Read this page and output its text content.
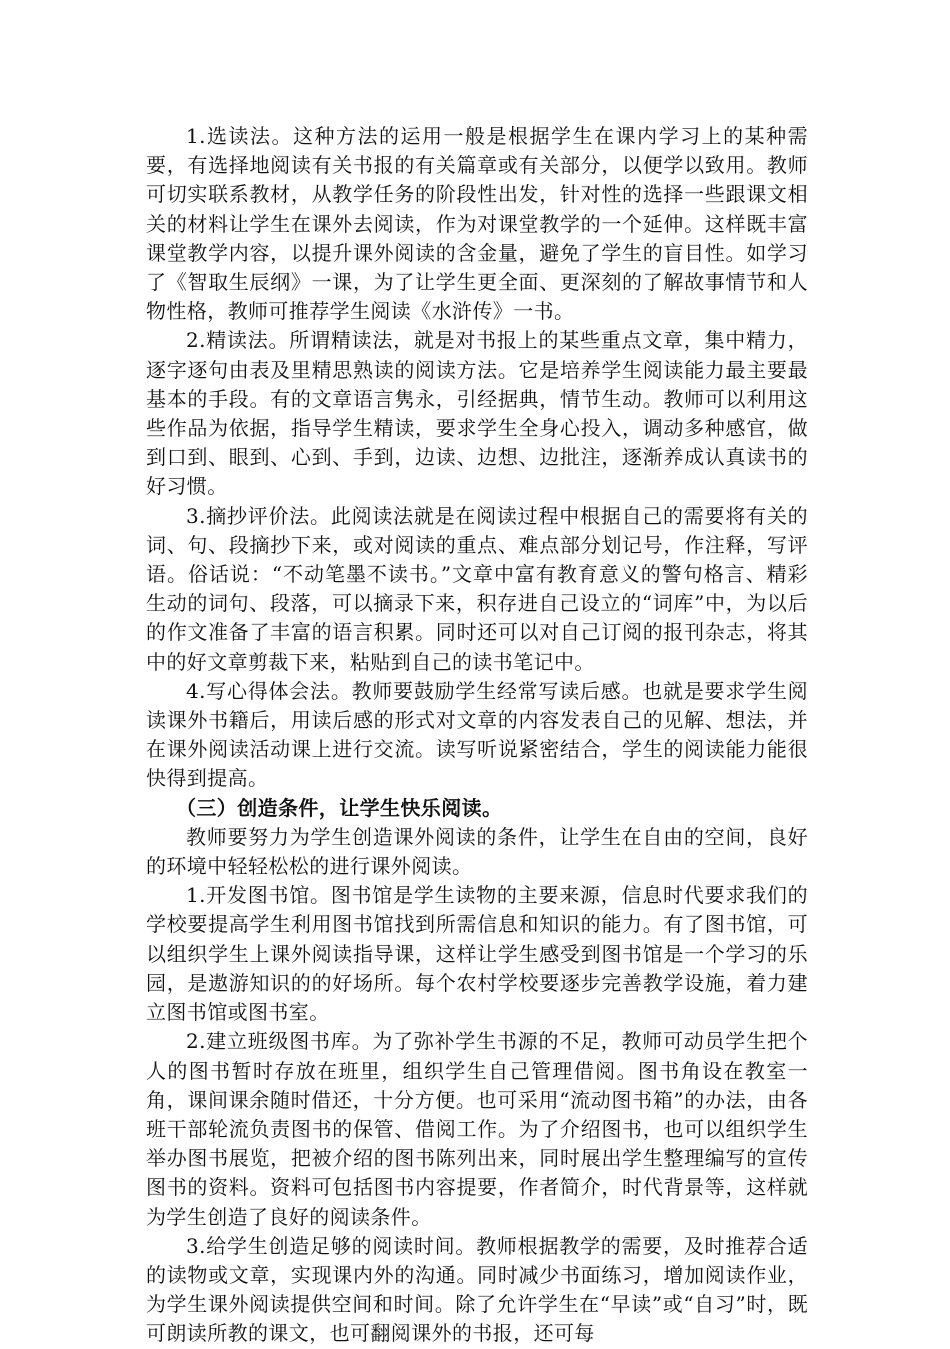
1.选读法。这种方法的运用一般是根据学生在课内学习上的某种需要，有选择地阅读有关书报的有关篇章或有关部分，以便学以致用。教师可切实联系教材，从教学任务的阶段性出发，针对性的选择一些跟课文相关的材料让学生在课外去阅读，作为对课堂教学的一个延伸。这样既丰富课堂教学内容，以提升课外阅读的含金量，避免了学生的盲目性。如学习了《智取生辰纲》一课，为了让学生更全面、更深刻的了解故事情节和人物性格，教师可推荐学生阅读《水浒传》一书。

2.精读法。所谓精读法，就是对书报上的某些重点文章，集中精力，逐字逐句由表及里精思熟读的阅读方法。它是培养学生阅读能力最主要最基本的手段。有的文章语言隽永，引经据典，情节生动。教师可以利用这些作品为依据，指导学生精读，要求学生全身心投入，调动多种感官，做到口到、眼到、心到、手到，边读、边想、边批注，逐渐养成认真读书的好习惯。

3.摘抄评价法。此阅读法就是在阅读过程中根据自己的需要将有关的词、句、段摘抄下来，或对阅读的重点、难点部分划记号，作注释，写评语。俗话说：“不动笔墨不读书。”文章中富有教育意义的警句格言、精彩生动的词句、段落，可以摘录下来，积存进自己设立的“词库”中，为以后的作文准备了丰富的语言积累。同时还可以对自己订阅的报刊杂志，将其中的好文章剪裁下来，粘贴到自己的读书笔记中。

4.写心得体会法。教师要鼓励学生经常写读后感。也就是要求学生阅读课外书籍后，用读后感的形式对文章的内容发表自己的见解、想法，并在课外阅读活动课上进行交流。读写听说紧密结合，学生的阅读能力能很快得到提高。

（三）创造条件，让学生快乐阅读。

教师要努力为学生创造课外阅读的条件，让学生在自由的空间，良好的环境中轻轻松松的进行课外阅读。

1.开发图书馆。图书馆是学生读物的主要来源，信息时代要求我们的学校要提高学生利用图书馆找到所需信息和知识的能力。有了图书馆，可以组织学生上课外阅读指导课，这样让学生感受到图书馆是一个学习的乐园，是遨游知识的的好场所。每个农村学校要逐步完善教学设施，着力建立图书馆或图书室。

2.建立班级图书库。为了弥补学生书源的不足，教师可动员学生把个人的图书暂时存放在班里，组织学生自己管理借阅。图书角设在教室一角，课间课余随时借还，十分方便。也可采用“流动图书箱”的办法，由各班干部轮流负责图书的保管、借阅工作。为了介绍图书，也可以组织学生举办图书展览，把被介绍的图书陈列出来，同时展出学生整理编写的宣传图书的资料。资料可包括图书内容提要，作者简介，时代背景等，这样就为学生创造了良好的阅读条件。

3.给学生创造足够的阅读时间。教师根据教学的需要，及时推荐合适的读物或文章，实现课内外的沟通。同时减少书面练习，增加阅读作业，为学生课外阅读提供空间和时间。除了允许学生在“早读”或“自习”时，既可朗读所教的课文，也可翻阅课外的书报，还可每
